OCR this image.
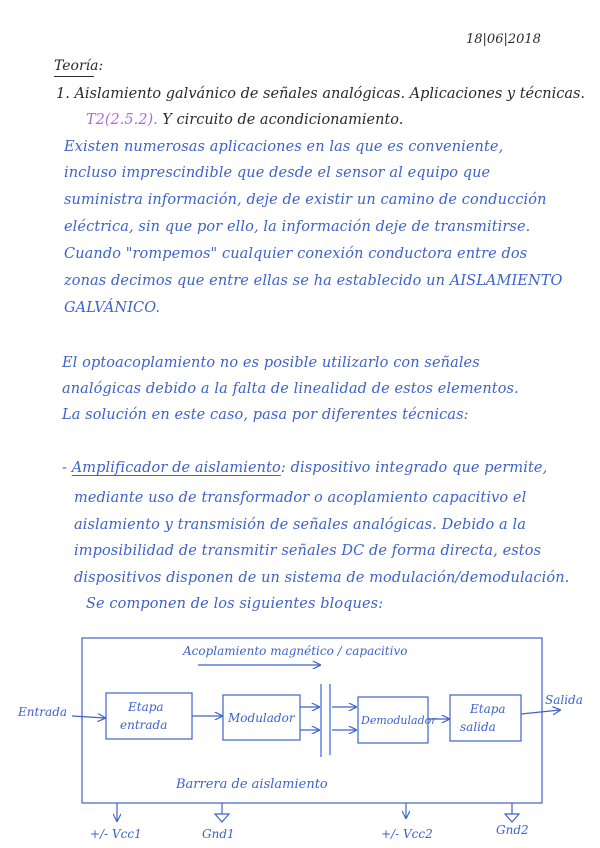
18|06|2018
Teoría:
1. Aislamiento galvánico de señales analógicas. Aplicaciones y técnicas.
T2(2.5.2). Y circuito de acondicionamiento.
Existen numerosas aplicaciones en las que es conveniente,
incluso imprescindible que desde el sensor al equipo que
suministra información, deje de existir un camino de conducción
eléctrica, sin que por ello, la información deje de transmitirse.
Cuando "rompemos" cualquier conexión conductora entre dos
zonas decimos que entre ellas se ha establecido un AISLAMIENTO
GALVÁNICO.
El optoacoplamiento no es posible utilizarlo con señales
analógicas debido a la falta de linealidad de estos elementos.
La solución en este caso, pasa por diferentes técnicas:
- Amplificador de aislamiento: dispositivo integrado que permite,
mediante uso de transformador o acoplamiento capacitivo el
aislamiento y transmisión de señales analógicas. Debido a la
imposibilidad de transmitir señales DC de forma directa, estos
dispositivos disponen de un sistema de modulación/demodulación.
Se componen de los siguientes bloques:
Acoplamiento magnético / capacitivo
Entrada
Salida
Etapa
entrada	Modulador	Demodulador
Etapa
salida
Barrera de aislamiento
+/- Vcc1	Gnd1	+/- Vcc2	Gnd2
